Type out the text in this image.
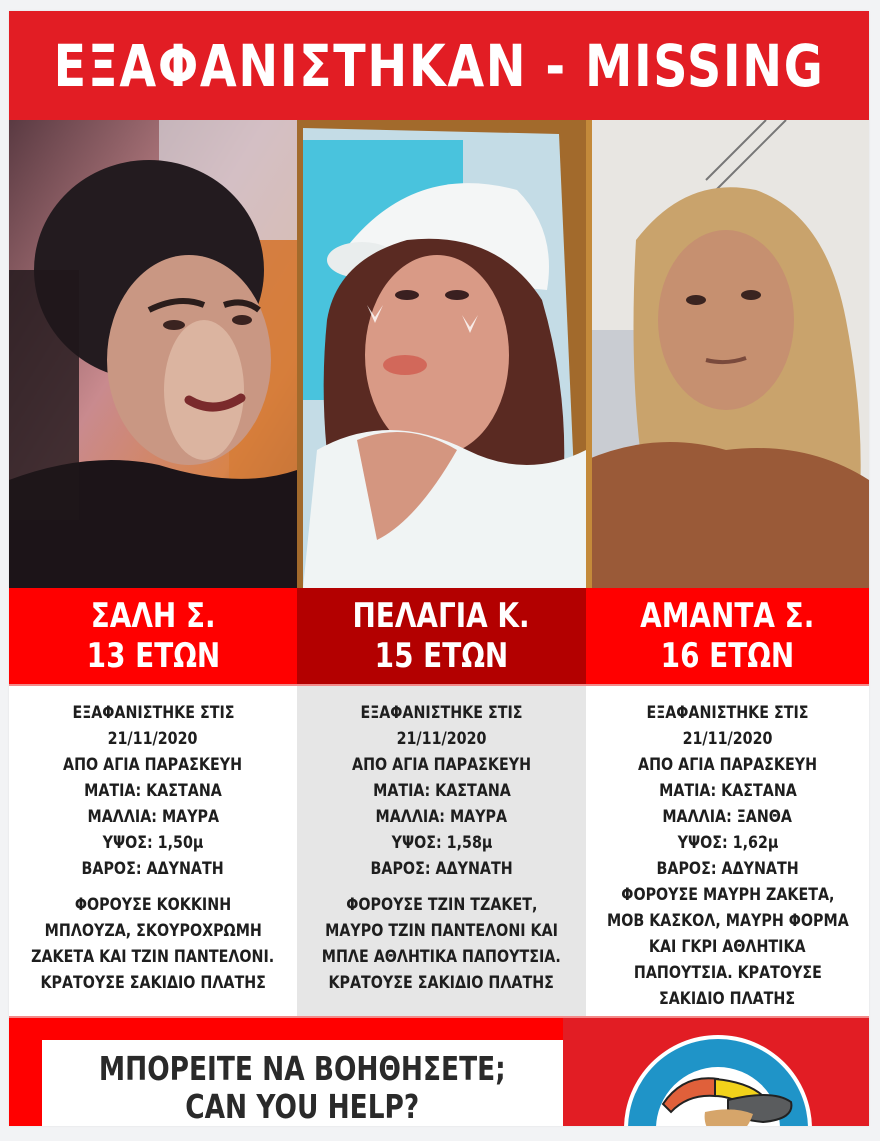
ΕΞΑΦΑΝΙΣΤΗΚΑΝ - MISSING
ΣΑΛΗ Σ.
13 ΕΤΩΝ
ΕΞΑΦΑΝΙΣΤΗΚΕ ΣΤΙΣ
21/11/2020
ΑΠΟ ΑΓΙΑ ΠΑΡΑΣΚΕΥΗ
ΜΑΤΙΑ: ΚΑΣΤΑΝΑ
ΜΑΛΛΙΑ: ΜΑΥΡΑ
ΥΨΟΣ: 1,50μ
ΒΑΡΟΣ: ΑΔΥΝΑΤΗ
ΦΟΡΟΥΣΕ ΚΟΚΚΙΝΗ
ΜΠΛΟΥΖΑ, ΣΚΟΥΡΟΧΡΩΜΗ
ΖΑΚΕΤΑ ΚΑΙ ΤΖΙΝ ΠΑΝΤΕΛΟΝΙ.
ΚΡΑΤΟΥΣΕ ΣΑΚΙΔΙΟ ΠΛΑΤΗΣ
ΠΕΛΑΓΙΑ Κ.
15 ΕΤΩΝ
ΕΞΑΦΑΝΙΣΤΗΚΕ ΣΤΙΣ
21/11/2020
ΑΠΟ ΑΓΙΑ ΠΑΡΑΣΚΕΥΗ
ΜΑΤΙΑ: ΚΑΣΤΑΝΑ
ΜΑΛΛΙΑ: ΜΑΥΡΑ
ΥΨΟΣ: 1,58μ
ΒΑΡΟΣ: ΑΔΥΝΑΤΗ
ΦΟΡΟΥΣΕ ΤΖΙΝ ΤΖΑΚΕΤ,
ΜΑΥΡΟ ΤΖΙΝ ΠΑΝΤΕΛΟΝΙ ΚΑΙ
ΜΠΛΕ ΑΘΛΗΤΙΚΑ ΠΑΠΟΥΤΣΙΑ.
ΚΡΑΤΟΥΣΕ ΣΑΚΙΔΙΟ ΠΛΑΤΗΣ
ΑΜΑΝΤΑ Σ.
16 ΕΤΩΝ
ΕΞΑΦΑΝΙΣΤΗΚΕ ΣΤΙΣ
21/11/2020
ΑΠΟ ΑΓΙΑ ΠΑΡΑΣΚΕΥΗ
ΜΑΤΙΑ: ΚΑΣΤΑΝΑ
ΜΑΛΛΙΑ: ΞΑΝΘΑ
ΥΨΟΣ: 1,62μ
ΒΑΡΟΣ: ΑΔΥΝΑΤΗ
ΦΟΡΟΥΣΕ ΜΑΥΡΗ ΖΑΚΕΤΑ,
ΜΟΒ ΚΑΣΚΟΛ, ΜΑΥΡΗ ΦΟΡΜΑ
ΚΑΙ ΓΚΡΙ ΑΘΛΗΤΙΚΑ
ΠΑΠΟΥΤΣΙΑ. ΚΡΑΤΟΥΣΕ
ΣΑΚΙΔΙΟ ΠΛΑΤΗΣ
ΜΠΟΡΕΙΤΕ ΝΑ ΒΟΗΘΗΣΕΤΕ;
CAN YOU HELP?
